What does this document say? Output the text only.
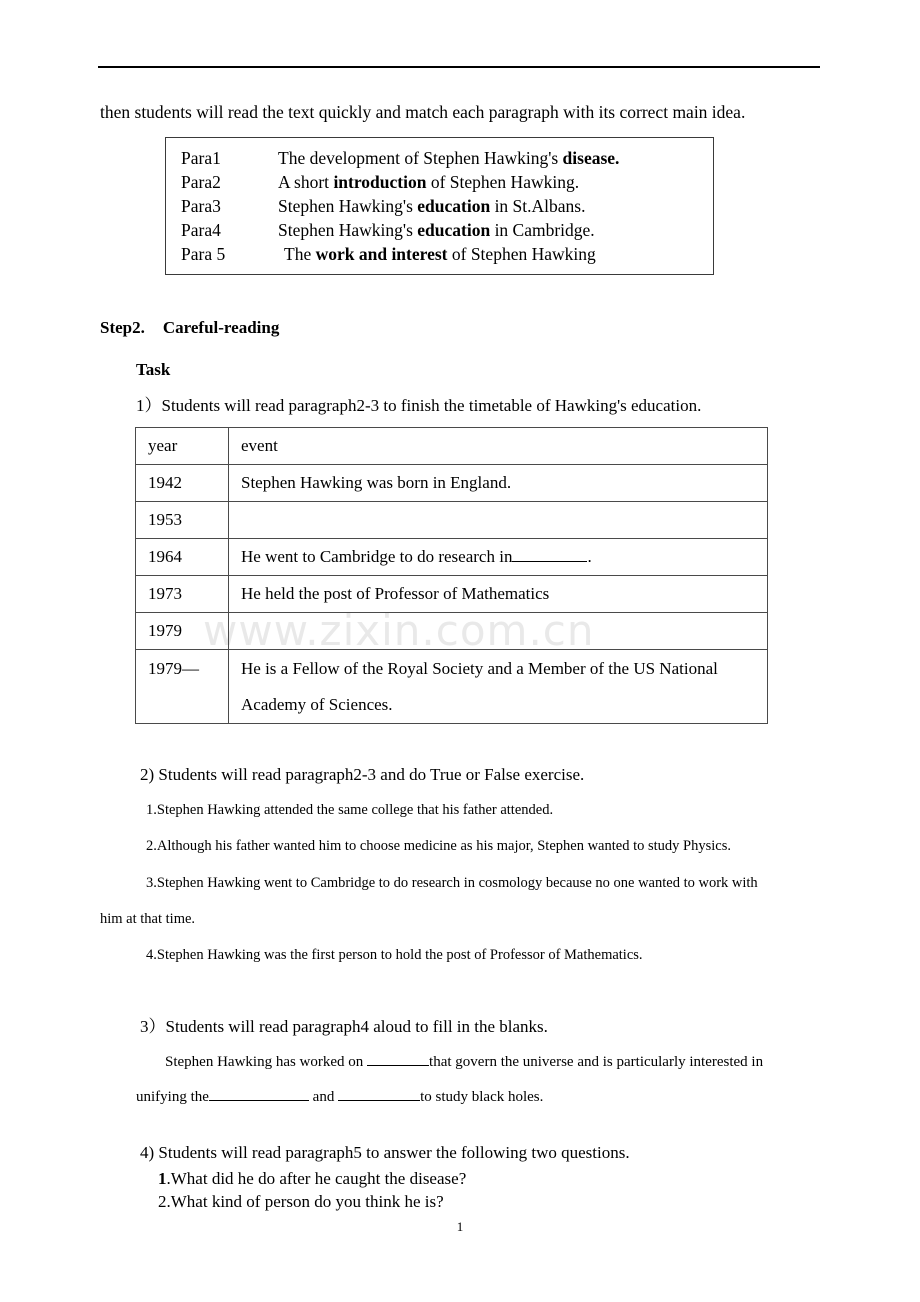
then students will read the text quickly and match each paragraph with its correct main idea.
Para1	The development of Stephen Hawking's disease.
Para2	A short introduction of Stephen Hawking.
Para3	Stephen Hawking's education in St.Albans.
Para4	Stephen Hawking's education in Cambridge.
Para 5	The work and interest of Stephen Hawking
Step2. Careful-reading
Task
1）Students will read paragraph2-3 to finish the timetable of Hawking's education.
www.zixin.com.cn
year	event
1942	Stephen Hawking was born in England.
1953	
1964	He went to Cambridge to do research in .
1973	He held the post of Professor of Mathematics
1979	
1979—	He is a Fellow of the Royal Society and a Member of the US National
Academy of Sciences.
2) Students will read paragraph2-3 and do True or False exercise.
1.Stephen Hawking attended the same college that his father attended.
2.Although his father wanted him to choose medicine as his major, Stephen wanted to study Physics.
3.Stephen Hawking went to Cambridge to do research in cosmology because no one wanted to work with
him at that time.
4.Stephen Hawking was the first person to hold the post of Professor of Mathematics.
3）Students will read paragraph4 aloud to fill in the blanks.
Stephen Hawking has worked on	that govern the universe and is particularly interested in
unifying the	and	to study black holes.
4) Students will read paragraph5 to answer the following two questions.
1.What did he do after he caught the disease?
2.What kind of person do you think he is?
1
